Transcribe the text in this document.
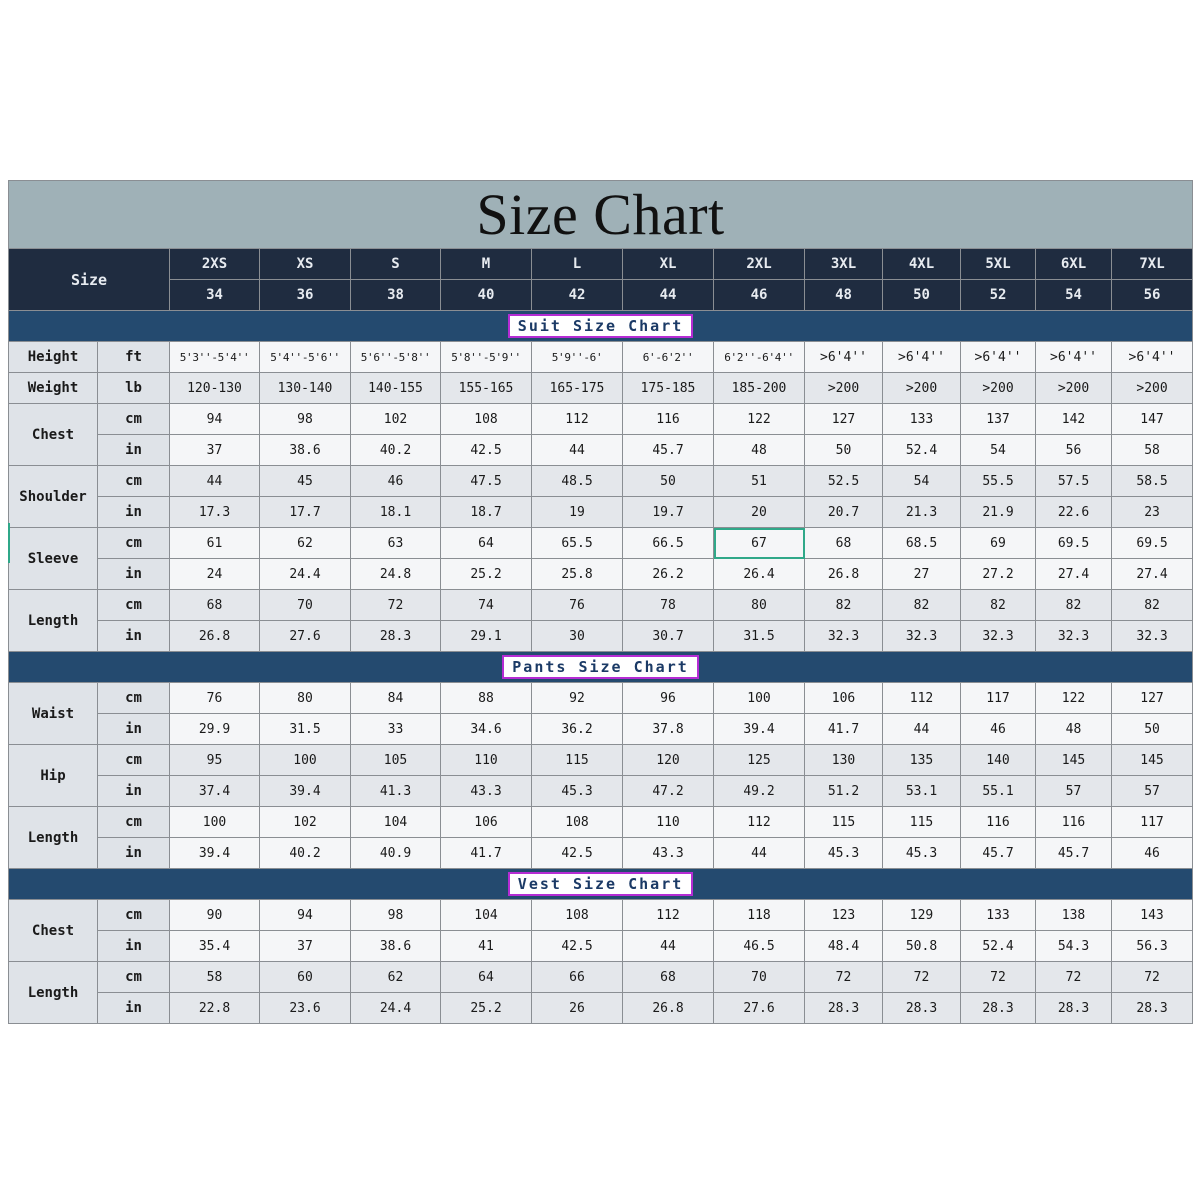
Size Chart													
Size		2XS	XS	S	M	L	XL	2XL	3XL	4XL	5XL	6XL	7XL
		34	36	38	40	42	44	46	48	50	52	54	56
Suit Size Chart													
Height	ft	5'3''-5'4''	5'4''-5'6''	5'6''-5'8''	5'8''-5'9''	5'9''-6'	6'-6'2''	6'2''-6'4''	>6'4''	>6'4''	>6'4''	>6'4''	>6'4''
Weight	lb	120-130	130-140	140-155	155-165	165-175	175-185	185-200	>200	>200	>200	>200	>200
Chest	cm	94	98	102	108	112	116	122	127	133	137	142	147
	in	37	38.6	40.2	42.5	44	45.7	48	50	52.4	54	56	58
Shoulder	cm	44	45	46	47.5	48.5	50	51	52.5	54	55.5	57.5	58.5
	in	17.3	17.7	18.1	18.7	19	19.7	20	20.7	21.3	21.9	22.6	23
Sleeve	cm	61	62	63	64	65.5	66.5	67	68	68.5	69	69.5	69.5
	in	24	24.4	24.8	25.2	25.8	26.2	26.4	26.8	27	27.2	27.4	27.4
Length	cm	68	70	72	74	76	78	80	82	82	82	82	82
	in	26.8	27.6	28.3	29.1	30	30.7	31.5	32.3	32.3	32.3	32.3	32.3
Pants Size Chart													
Waist	cm	76	80	84	88	92	96	100	106	112	117	122	127
	in	29.9	31.5	33	34.6	36.2	37.8	39.4	41.7	44	46	48	50
Hip	cm	95	100	105	110	115	120	125	130	135	140	145	145
	in	37.4	39.4	41.3	43.3	45.3	47.2	49.2	51.2	53.1	55.1	57	57
Length	cm	100	102	104	106	108	110	112	115	115	116	116	117
	in	39.4	40.2	40.9	41.7	42.5	43.3	44	45.3	45.3	45.7	45.7	46
Vest Size Chart													
Chest	cm	90	94	98	104	108	112	118	123	129	133	138	143
	in	35.4	37	38.6	41	42.5	44	46.5	48.4	50.8	52.4	54.3	56.3
Length	cm	58	60	62	64	66	68	70	72	72	72	72	72
	in	22.8	23.6	24.4	25.2	26	26.8	27.6	28.3	28.3	28.3	28.3	28.3
